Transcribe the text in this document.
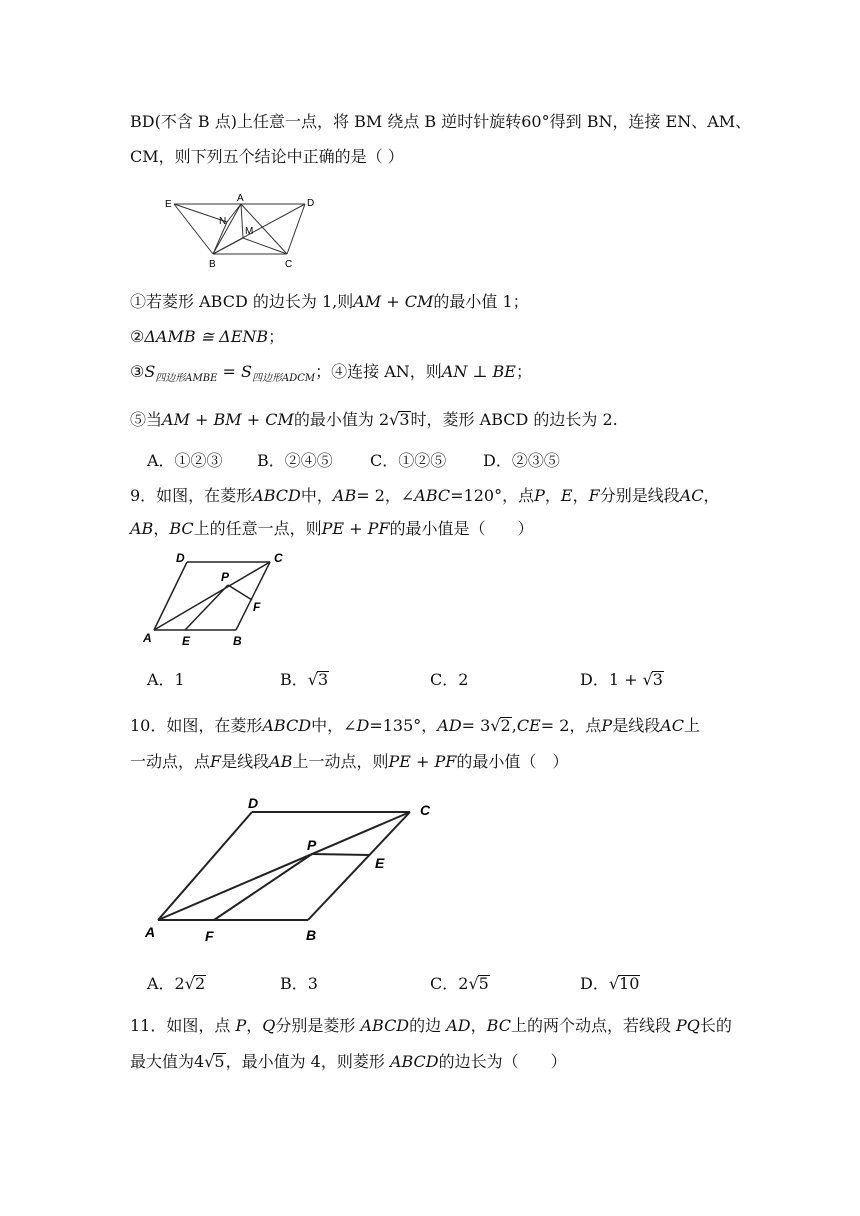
BD(不含 B 点)上任意一点，将 BM 绕点 B 逆时针旋转60°得到 BN，连接 EN、AM、
CM，则下列五个结论中正确的是（ ）
E
A	D
N
M
B	C
①若菱形 ABCD 的边长为 1,则AM + CM的最小值 1；
②ΔAMB ≅ ΔENB；
$③S_{四边形AMBE} = S_{四边形ADCM}$；④连接 AN，则AN ⊥ BE；
⑤当AM + BM + CM的最小值为 2√3时，菱形 ABCD 的边长为 2.
A．①②③ B．②④⑤ C．①②⑤ D．②③⑤
9．如图，在菱形ABCD中，AB= 2，∠ABC=120°，点P，E，F分别是线段AC，
AB，BC上的任意一点，则PE + PF的最小值是（　　）
D	C
P
F
A	E	B
A．1	B．√3	C．2	D．1 + √3
10．如图，在菱形ABCD中，∠D=135°，AD= 3√2,CE= 2，点P是线段AC上
一动点，点F是线段AB上一动点，则PE + PF的最小值（　）
D	C
P
E
A	F	B
A．2√2	B．3	C．2√5	D．√10
11．如图，点 P，Q分别是菱形 ABCD的边 AD，BC上的两个动点，若线段 PQ长的
最大值为4√5，最小值为 4，则菱形 ABCD的边长为（　　）
